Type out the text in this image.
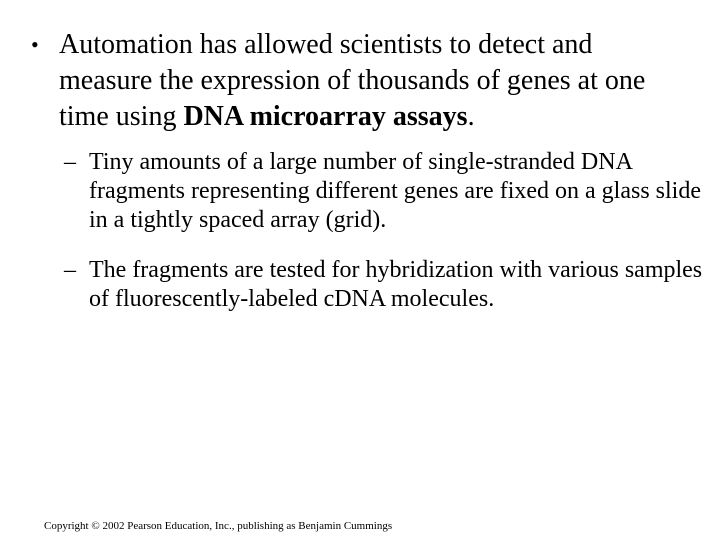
• Automation has allowed scientists to detect and measure the expression of thousands of genes at one time using DNA microarray assays.
– Tiny amounts of a large number of single-stranded DNA fragments representing different genes are fixed on a glass slide in a tightly spaced array (grid).
– The fragments are tested for hybridization with various samples of fluorescently-labeled cDNA molecules.
Copyright © 2002 Pearson Education, Inc., publishing as Benjamin Cummings
